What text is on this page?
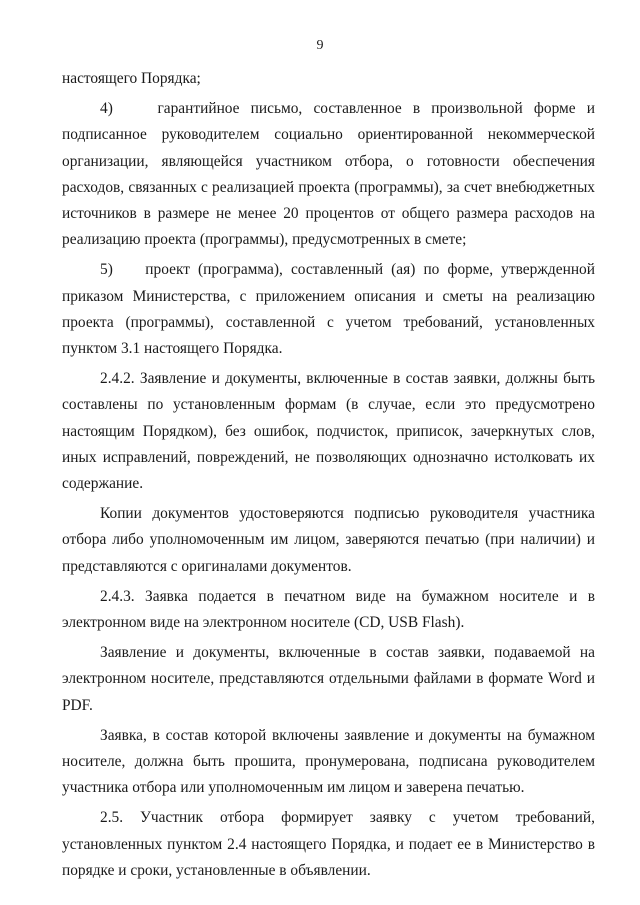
9

настоящего Порядка;

4)    гарантийное письмо, составленное в произвольной форме и подписанное руководителем социально ориентированной некоммерческой организации, являющейся участником отбора, о готовности обеспечения расходов, связанных с реализацией проекта (программы), за счет внебюджетных источников в размере не менее 20 процентов от общего размера расходов на реализацию проекта (программы), предусмотренных в смете;

5)    проект (программа), составленный (ая) по форме, утвержденной приказом Министерства, с приложением описания и сметы на реализацию проекта (программы), составленной с учетом требований, установленных пунктом 3.1 настоящего Порядка.

2.4.2. Заявление и документы, включенные в состав заявки, должны быть составлены по установленным формам (в случае, если это предусмотрено настоящим Порядком), без ошибок, подчисток, приписок, зачеркнутых слов, иных исправлений, повреждений, не позволяющих однозначно истолковать их содержание.

Копии документов удостоверяются подписью руководителя участника отбора либо уполномоченным им лицом, заверяются печатью (при наличии) и представляются с оригиналами документов.

2.4.3. Заявка подается в печатном виде на бумажном носителе и в электронном виде на электронном носителе (CD, USB Flash).

Заявление и документы, включенные в состав заявки, подаваемой на электронном носителе, представляются отдельными файлами в формате Word и PDF.

Заявка, в состав которой включены заявление и документы на бумажном носителе, должна быть прошита, пронумерована, подписана руководителем участника отбора или уполномоченным им лицом и заверена печатью.

2.5. Участник отбора формирует заявку с учетом требований, установленных пунктом 2.4 настоящего Порядка, и подает ее в Министерство в порядке и сроки, установленные в объявлении.
